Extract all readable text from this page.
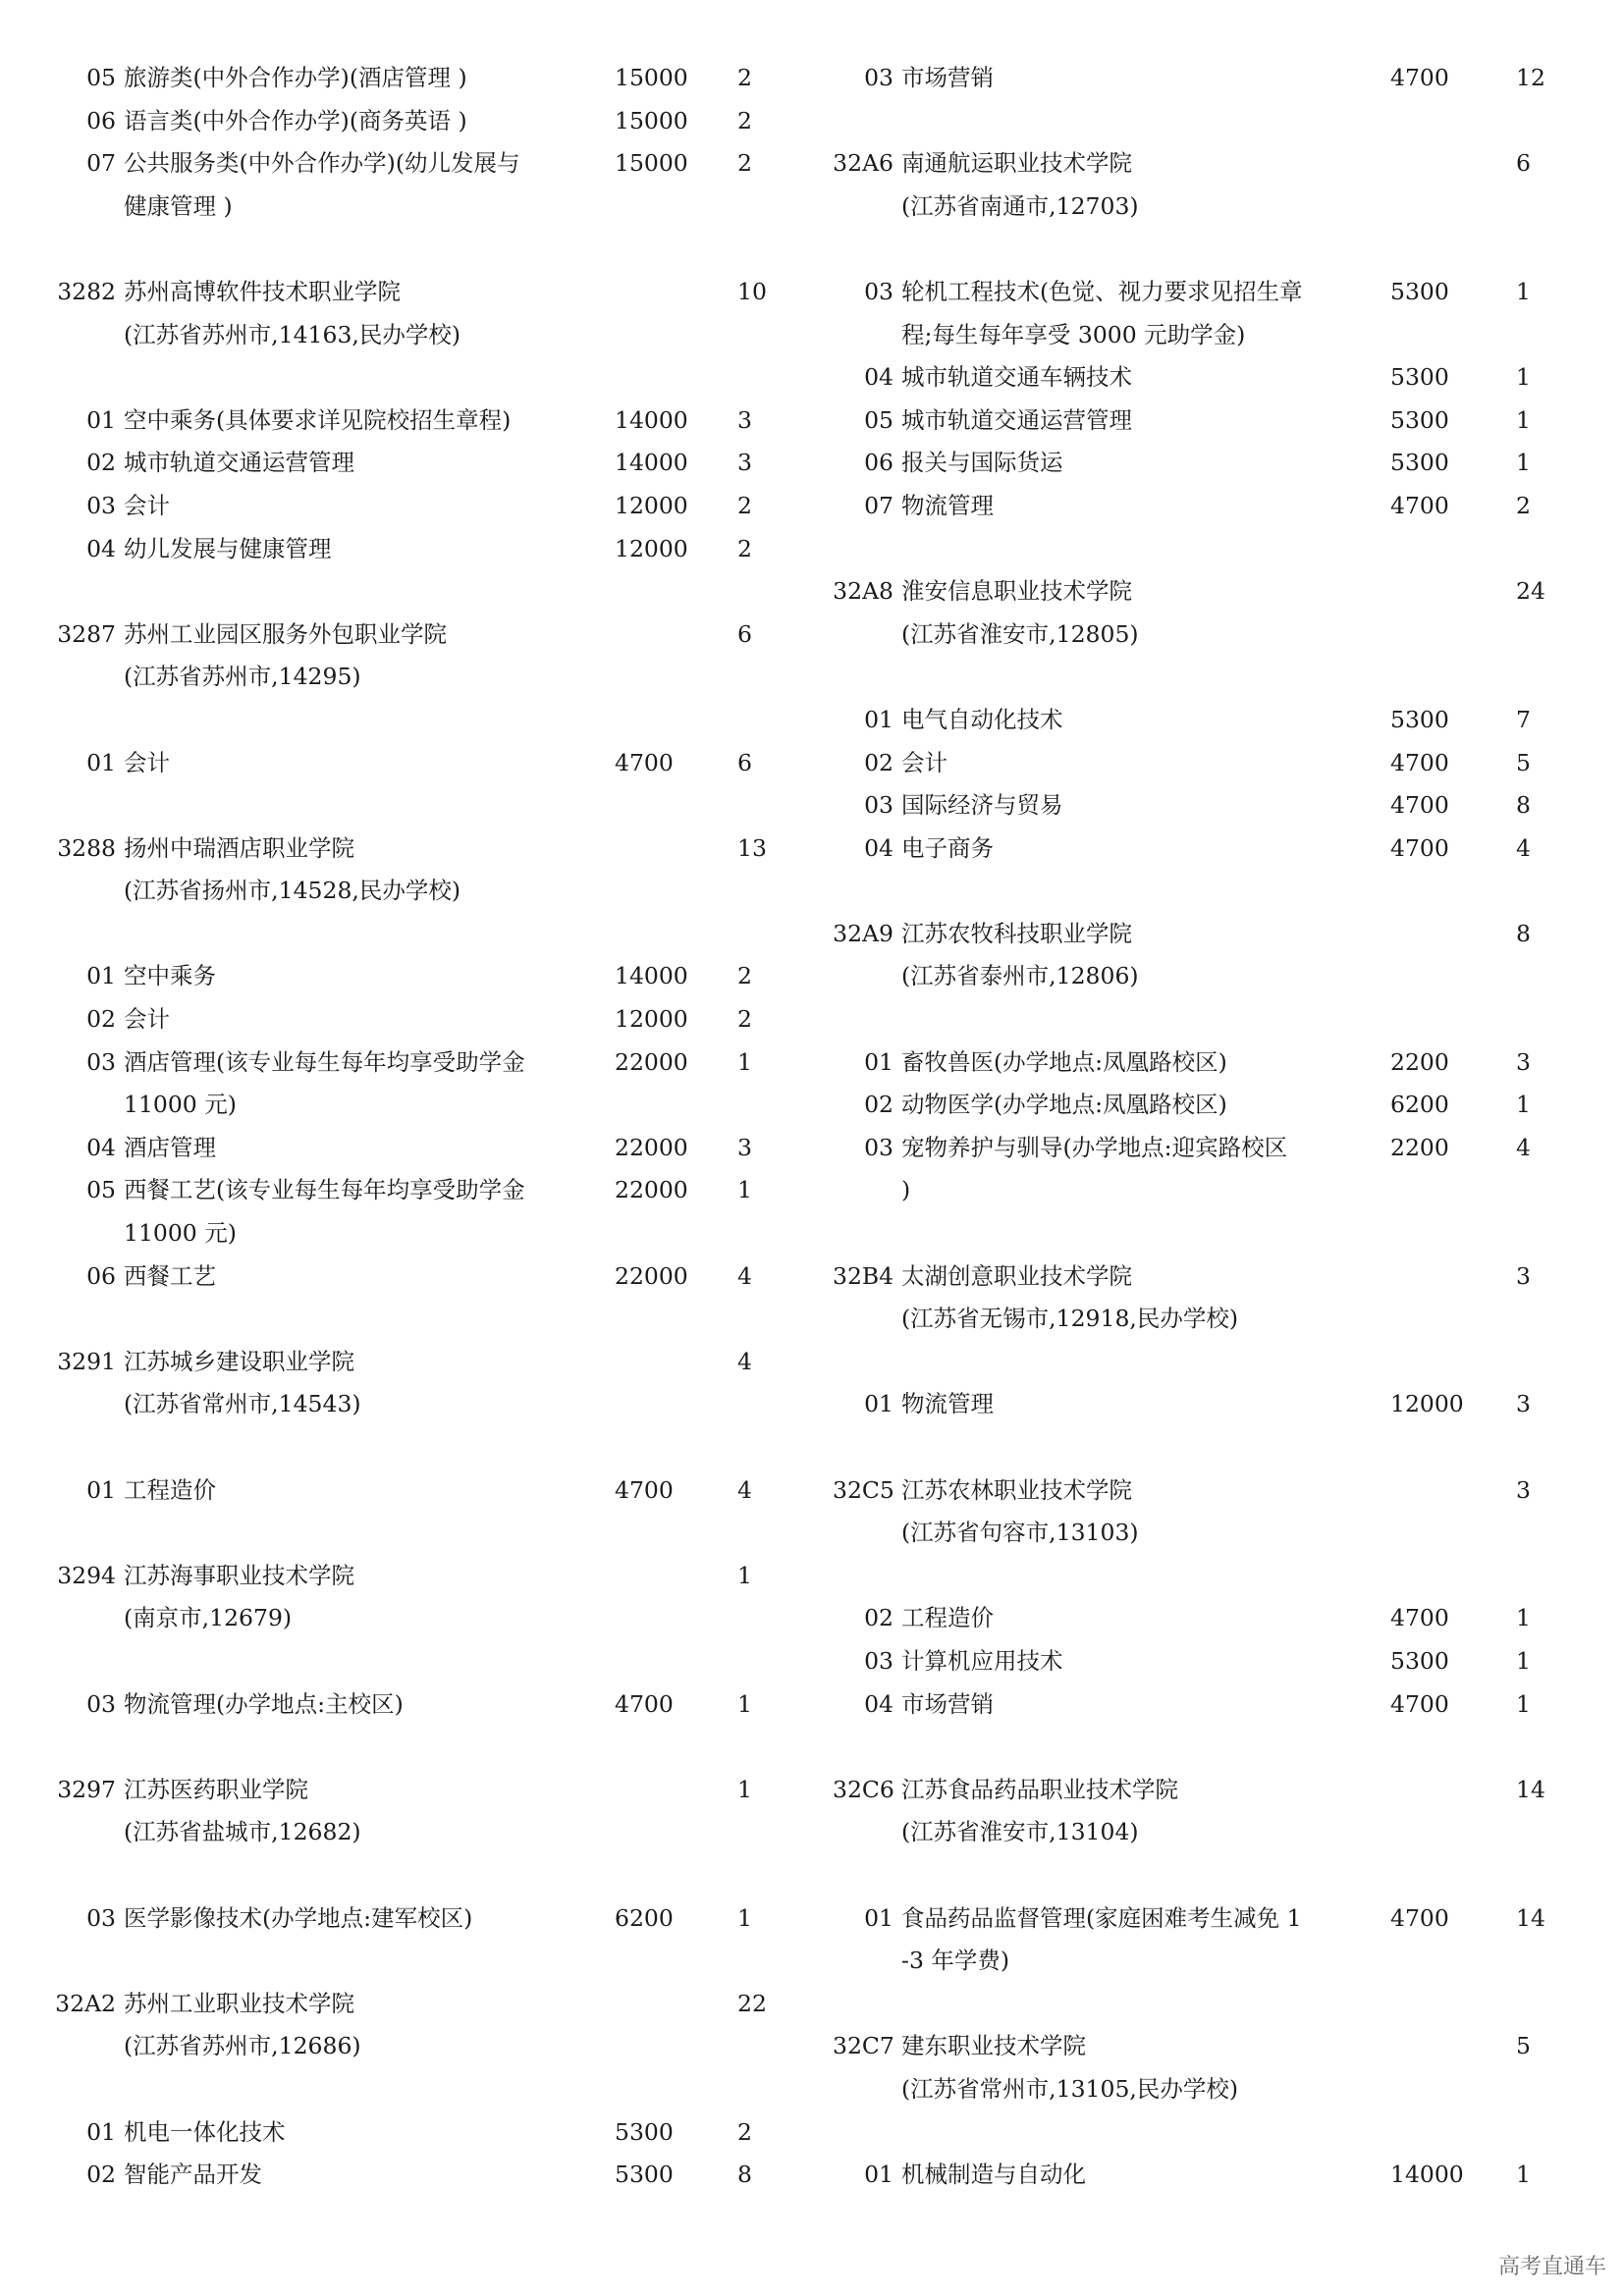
05 旅游类(中外合作办学)(酒店管理 )	15000 2
06 语言类(中外合作办学)(商务英语 )	15000 2
07 公共服务类(中外合作办学)(幼儿发展与	15000 2
健康管理 )
3282 苏州高博软件技术职业学院	10
(江苏省苏州市,14163,民办学校)
01 空中乘务(具体要求详见院校招生章程)	14000 3
02 城市轨道交通运营管理	14000 3
03 会计	12000 2
04 幼儿发展与健康管理	12000 2
3287 苏州工业园区服务外包职业学院	6
(江苏省苏州市,14295)
01 会计	4700	6
3288 扬州中瑞酒店职业学院	13
(江苏省扬州市,14528,民办学校)
01 空中乘务	14000 2
02 会计	12000 2
03 酒店管理(该专业每生每年均享受助学金	22000 1
11000 元)
04 酒店管理	22000 3
05 西餐工艺(该专业每生每年均享受助学金	22000 1
11000 元)
06 西餐工艺	22000 4
3291 江苏城乡建设职业学院	4
(江苏省常州市,14543)
01 工程造价	4700	4
3294 江苏海事职业技术学院	1
(南京市,12679)
03 物流管理(办学地点:主校区)	4700	1
3297 江苏医药职业学院	1
(江苏省盐城市,12682)
03 医学影像技术(办学地点:建军校区)	6200	1
32A2 苏州工业职业技术学院	22
(江苏省苏州市,12686)
01 机电一体化技术	5300	2
02 智能产品开发	5300	8
03 市场营销	4700	12
32A6 南通航运职业技术学院	6
(江苏省南通市,12703)
03 轮机工程技术(色觉、视力要求见招生章	5300	1
程;每生每年享受 3000 元助学金)
04 城市轨道交通车辆技术	5300	1
05 城市轨道交通运营管理	5300	1
06 报关与国际货运	5300	1
07 物流管理	4700	2
32A8 淮安信息职业技术学院	24
(江苏省淮安市,12805)
01 电气自动化技术	5300	7
02 会计	4700	5
03 国际经济与贸易	4700	8
04 电子商务	4700	4
32A9 江苏农牧科技职业学院	8
(江苏省泰州市,12806)
01 畜牧兽医(办学地点:凤凰路校区)	2200	3
02 动物医学(办学地点:凤凰路校区)	6200	1
03 宠物养护与驯导(办学地点:迎宾路校区	2200	4
)
32B4 太湖创意职业技术学院	3
(江苏省无锡市,12918,民办学校)
01 物流管理	12000 3
32C5 江苏农林职业技术学院	3
(江苏省句容市,13103)
02 工程造价	4700	1
03 计算机应用技术	5300	1
04 市场营销	4700	1
32C6 江苏食品药品职业技术学院	14
(江苏省淮安市,13104)
01 食品药品监督管理(家庭困难考生减免 1	4700	14
-3 年学费)
32C7 建东职业技术学院	5
(江苏省常州市,13105,民办学校)
01 机械制造与自动化	14000 1
高考直通车
